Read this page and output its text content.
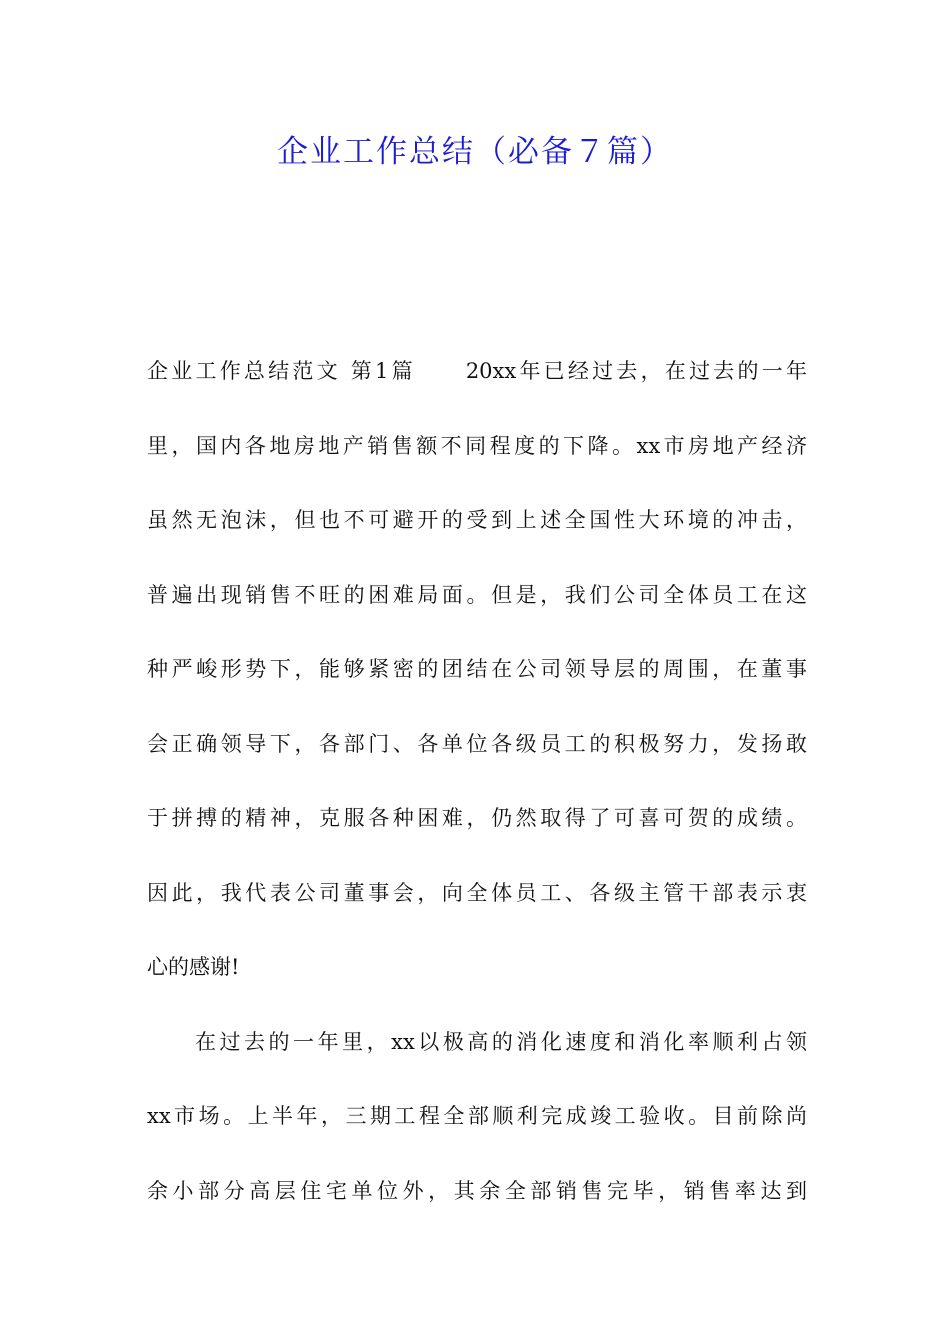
企业工作总结（必备７篇）
企业工作总结范文 第1篇 20xx年已经过去，在过去的一年
里，国内各地房地产销售额不同程度的下降。xx市房地产经济
虽然无泡沫，但也不可避开的受到上述全国性大环境的冲击，
普遍出现销售不旺的困难局面。但是，我们公司全体员工在这
种严峻形势下，能够紧密的团结在公司领导层的周围，在董事
会正确领导下，各部门、各单位各级员工的积极努力，发扬敢
于拼搏的精神，克服各种困难，仍然取得了可喜可贺的成绩。
因此，我代表公司董事会，向全体员工、各级主管干部表示衷
心的感谢!
在过去的一年里，xx以极高的消化速度和消化率顺利占领
xx市场。上半年，三期工程全部顺利完成竣工验收。目前除尚
余小部分高层住宅单位外，其余全部销售完毕，销售率达到
